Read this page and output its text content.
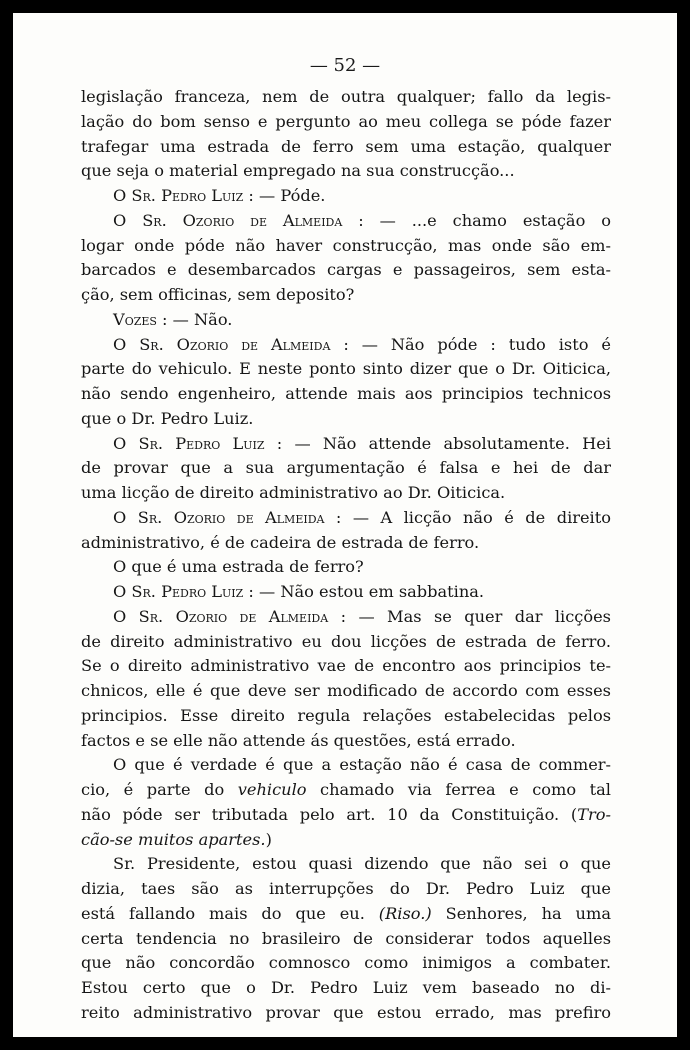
— 52 —
legislação franceza, nem de outra qualquer; fallo da legis-
lação do bom senso e pergunto ao meu collega se póde fazer
trafegar uma estrada de ferro sem uma estação, qualquer
que seja o material empregado na sua construcção...
O Sr. Pedro Luiz : — Póde.
O Sr. Ozorio de Almeida : — ...e chamo estação o
logar onde póde não haver construcção, mas onde são em-
barcados e desembarcados cargas e passageiros, sem esta-
ção, sem officinas, sem deposito?
Vozes : — Não.
O Sr. Ozorio de Almeida : — Não póde : tudo isto é
parte do vehiculo. E neste ponto sinto dizer que o Dr. Oiticica,
não sendo engenheiro, attende mais aos principios technicos
que o Dr. Pedro Luiz.
O Sr. Pedro Luiz : — Não attende absolutamente. Hei
de provar que a sua argumentação é falsa e hei de dar
uma licção de direito administrativo ao Dr. Oiticica.
O Sr. Ozorio de Almeida : — A licção não é de direito
administrativo, é de cadeira de estrada de ferro.
O que é uma estrada de ferro?
O Sr. Pedro Luiz : — Não estou em sabbatina.
O Sr. Ozorio de Almeida : — Mas se quer dar licções
de direito administrativo eu dou licções de estrada de ferro.
Se o direito administrativo vae de encontro aos principios te-
chnicos, elle é que deve ser modificado de accordo com esses
principios. Esse direito regula relações estabelecidas pelos
factos e se elle não attende ás questões, está errado.
O que é verdade é que a estação não é casa de commer-
cio, é parte do vehiculo chamado via ferrea e como tal
não póde ser tributada pelo art. 10 da Constituição. (Tro-
cão-se muitos apartes.)
Sr. Presidente, estou quasi dizendo que não sei o que
dizia, taes são as interrupções do Dr. Pedro Luiz que
está fallando mais do que eu. (Riso.) Senhores, ha uma
certa tendencia no brasileiro de considerar todos aquelles
que não concordão comnosco como inimigos a combater.
Estou certo que o Dr. Pedro Luiz vem baseado no di-
reito administrativo provar que estou errado, mas prefiro
